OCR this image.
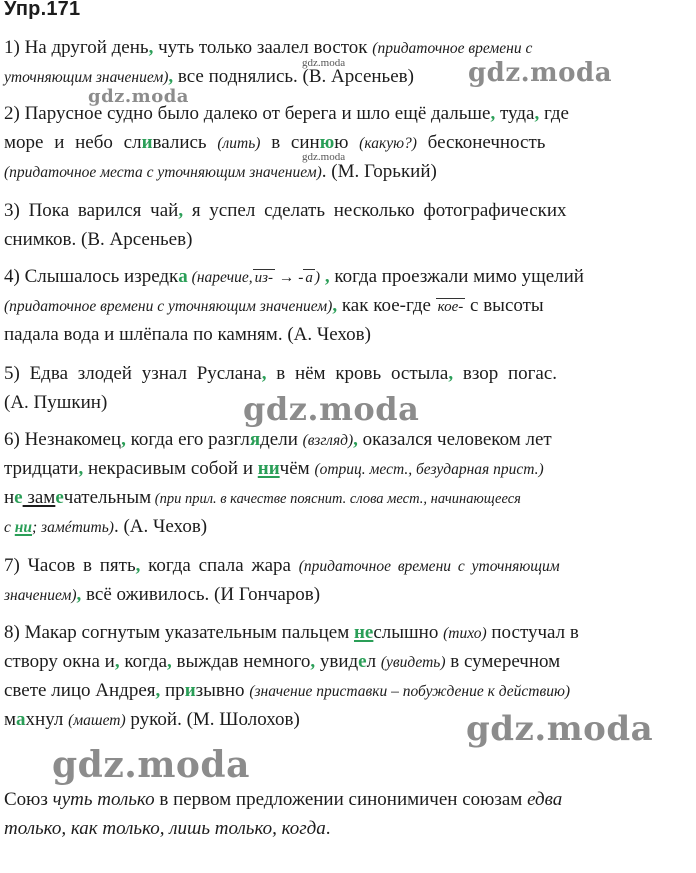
Упр.171
1) На другой день, чуть только заалел восток (придаточное времени с
уточняющим значением), все поднялись. (В. Арсеньев)
2) Парусное судно было далеко от берега и шло ещё дальше, туда, где
море и небо сливались (лить) в синюю (какую?) бесконечность
(придаточное места с уточняющим значением). (М. Горький)
3) Пока варился чай, я успел сделать несколько фотографических
снимков. (В. Арсеньев)
4) Слышалось изредка (наречие, из- → - а ) , когда проезжали мимо ущелий
(придаточное времени с уточняющим значением), как кое-где кое- с высоты
падала вода и шлёпала по камням. (А. Чехов)
5) Едва злодей узнал Руслана, в нём кровь остыла, взор погас.
(А. Пушкин)
6) Незнакомец, когда его разглядели (взгляд), оказался человеком лет
тридцати, некрасивым собой и ничём (отриц. мест., безударная прист.)
не замечательным (при прил. в качестве пояснит. слова мест., начинающееся
с ни; замéтить). (А. Чехов)
7) Часов в пять, когда спала жара (придаточное времени с уточняющим
значением), всё оживилось. (И Гончаров)
8) Макар согнутым указательным пальцем неслышно (тихо) постучал в
створу окна и, когда, выждав немного, увидел (увидеть) в сумеречном
свете лицо Андрея, призывно (значение приставки – побуждение к действию)
махнул (машет) рукой. (М. Шолохов)
Союз чуть только в первом предложении синонимичен союзам едва
только, как только, лишь только, когда.
gdz.moda
gdz.moda
gdz.moda
gdz.moda
gdz.moda
gdz.moda
gdz.moda
